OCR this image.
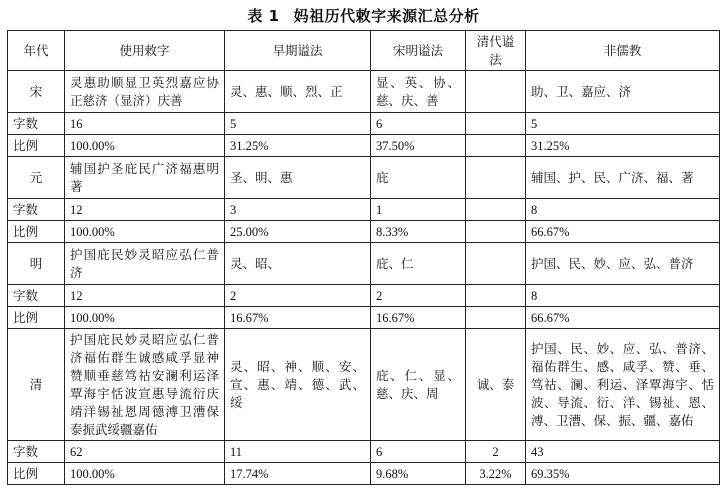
表 1 妈祖历代敕字来源汇总分析
年代	使用敕字	早期谥法	宋明谥法	清代谥法	非儒教
宋	灵惠助顺显卫英烈嘉应协正慈济（显济）庆善	灵、惠、顺、烈、正	显、英、协、慈、庆、善		助、卫、嘉应、济
字数	16	5	6		5
比例	100.00%	31.25%	37.50%		31.25%
元	辅国护圣庇民广济福惠明著	圣、明、惠	庇		辅国、护、民、广济、福、著
字数	12	3	1		8
比例	100.00%	25.00%	8.33%		66.67%
明	护国庇民妙灵昭应弘仁普济	灵、昭、	庇、仁		护国、民、妙、应、弘、普济
字数	12	2	2		8
比例	100.00%	16.67%	16.67%		66.67%
清	护国庇民妙灵昭应弘仁普济福佑群生诚感咸孚显神赞顺垂慈笃祜安澜利运泽覃海宇恬波宣惠导流衍庆靖洋锡祉恩周德溥卫漕保泰振武绥疆嘉佑	灵、昭、神、顺、安、宣、惠、靖、德、武、绥	庇、仁、显、慈、庆、周	诚、泰	护国、民、妙、应、弘、普济、福佑群生、感、咸孚、赞、垂、笃祜、澜、利运、泽覃海宇、恬波、导流、衍、洋、锡祉、恩、溥、卫漕、保、振、疆、嘉佑
字数	62	11	6	2	43
比例	100.00%	17.74%	9.68%	3.22%	69.35%
